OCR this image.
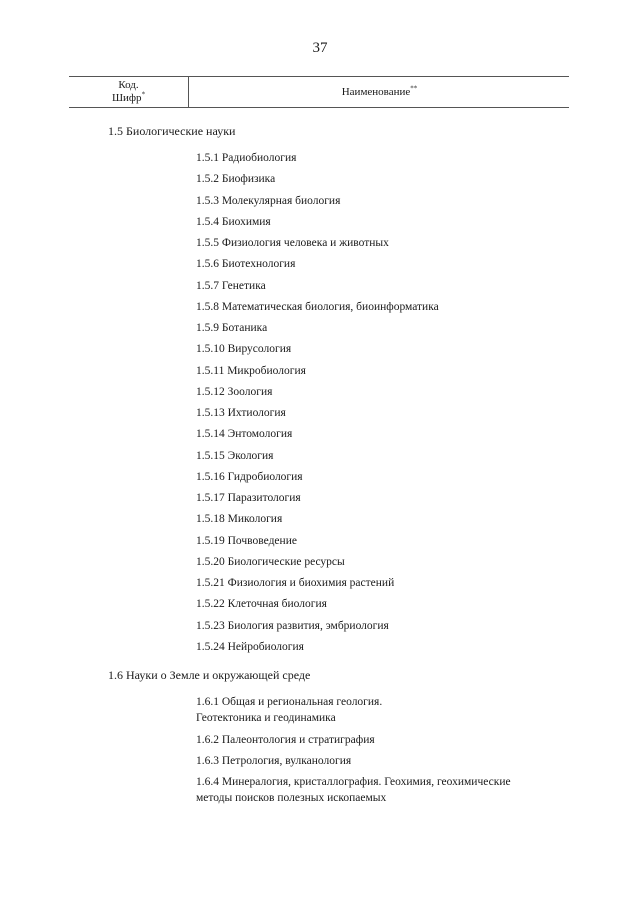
37
Код.
Шифр*	Наименование**
1.5 Биологические науки
1.5.1 Радиобиология
1.5.2 Биофизика
1.5.3 Молекулярная биология
1.5.4 Биохимия
1.5.5 Физиология человека и животных
1.5.6 Биотехнология
1.5.7 Генетика
1.5.8 Математическая биология, биоинформатика
1.5.9 Ботаника
1.5.10 Вирусология
1.5.11 Микробиология
1.5.12 Зоология
1.5.13 Ихтиология
1.5.14 Энтомология
1.5.15 Экология
1.5.16 Гидробиология
1.5.17 Паразитология
1.5.18 Микология
1.5.19 Почвоведение
1.5.20 Биологические ресурсы
1.5.21 Физиология и биохимия растений
1.5.22 Клеточная биология
1.5.23 Биология развития, эмбриология
1.5.24 Нейробиология
1.6 Науки о Земле и окружающей среде
1.6.1 Общая и региональная геология.
Геотектоника и геодинамика
1.6.2 Палеонтология и стратиграфия
1.6.3 Петрология, вулканология
1.6.4 Минералогия, кристаллография. Геохимия, геохимические
методы поисков полезных ископаемых
